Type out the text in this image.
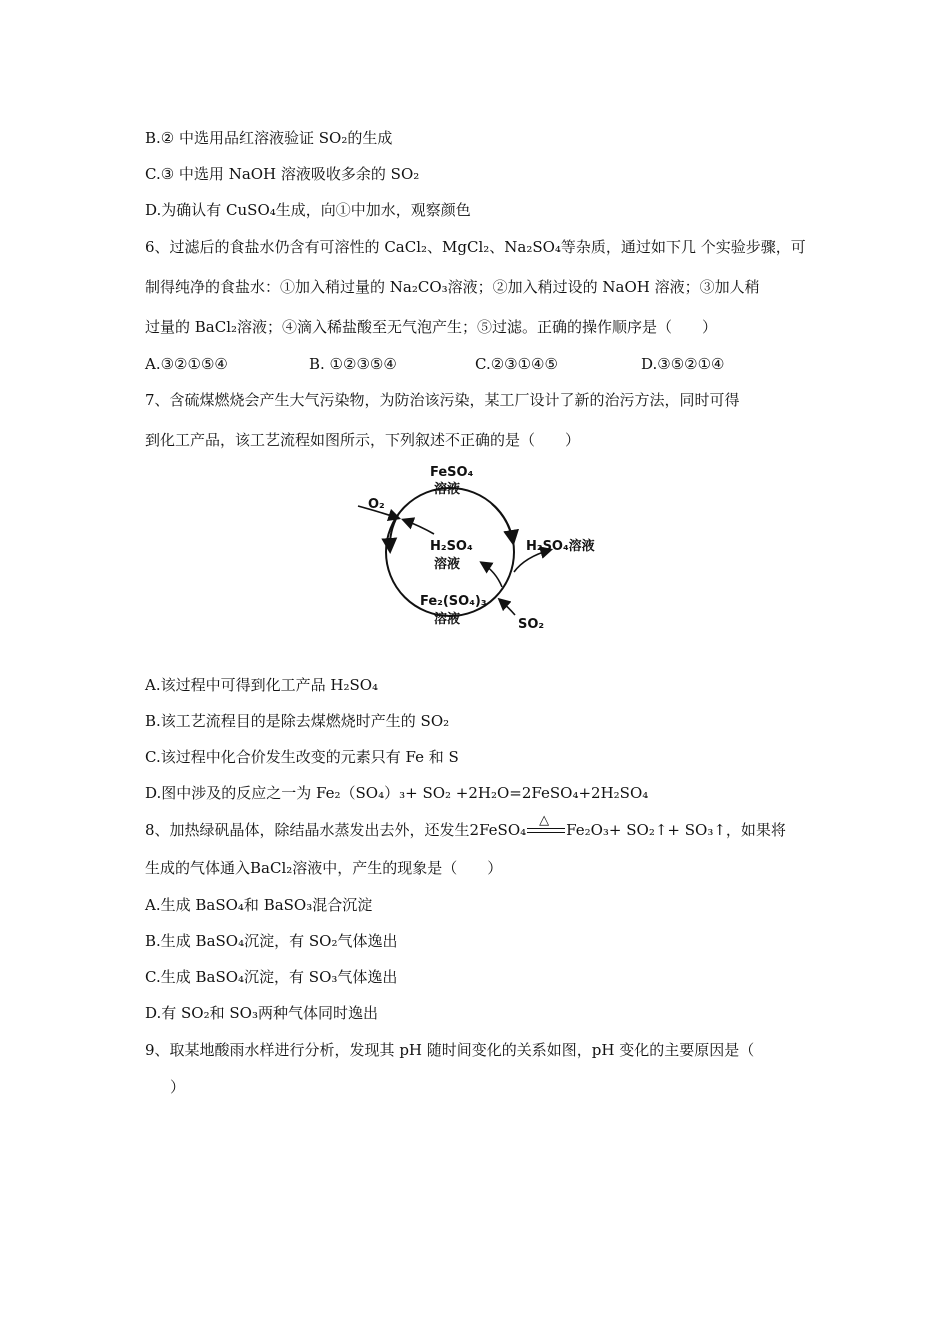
B.② 中选用品红溶液验证 SO₂的生成
C.③ 中选用 NaOH 溶液吸收多余的 SO₂
D.为确认有 CuSO₄生成，向①中加水，观察颜色
6、过滤后的食盐水仍含有可溶性的 CaCl₂、MgCl₂、Na₂SO₄等杂质，通过如下几 个实验步骤，可
制得纯净的食盐水：①加入稍过量的 Na₂CO₃溶液；②加入稍过设的 NaOH 溶液；③加人稍
过量的 BaCl₂溶液；④滴入稀盐酸至无气泡产生；⑤过滤。正确的操作顺序是（　　）
A.③②①⑤④	B. ①②③⑤④	C.②③①④⑤	D.③⑤②①④
7、含硫煤燃烧会产生大气污染物，为防治该污染，某工厂设计了新的治污方法，同时可得
到化工产品，该工艺流程如图所示，下列叙述不正确的是（　　）
FeSO₄
溶液
O₂
H₂SO₄
溶液
H₂SO₄溶液
Fe₂(SO₄)₃
溶液	SO₂
A.该过程中可得到化工产品 H₂SO₄
B.该工艺流程目的是除去煤燃烧时产生的 SO₂
C.该过程中化合价发生改变的元素只有 Fe 和 S
D.图中涉及的反应之一为 Fe₂（SO₄）₃+ SO₂ +2H₂O=2FeSO₄+2H₂SO₄
8、加热绿矾晶体，除结晶水蒸发出去外，还发生2FeSO₄
△
Fe₂O₃+ SO₂↑+ SO₃↑，如果将
生成的气体通入BaCl₂溶液中，产生的现象是（　　）
A.生成 BaSO₄和 BaSO₃混合沉淀
B.生成 BaSO₄沉淀，有 SO₂气体逸出
C.生成 BaSO₄沉淀，有 SO₃气体逸出
D.有 SO₂和 SO₃两种气体同时逸出
9、取某地酸雨水样进行分析，发现其 pH 随时间变化的关系如图，pH 变化的主要原因是（
）
